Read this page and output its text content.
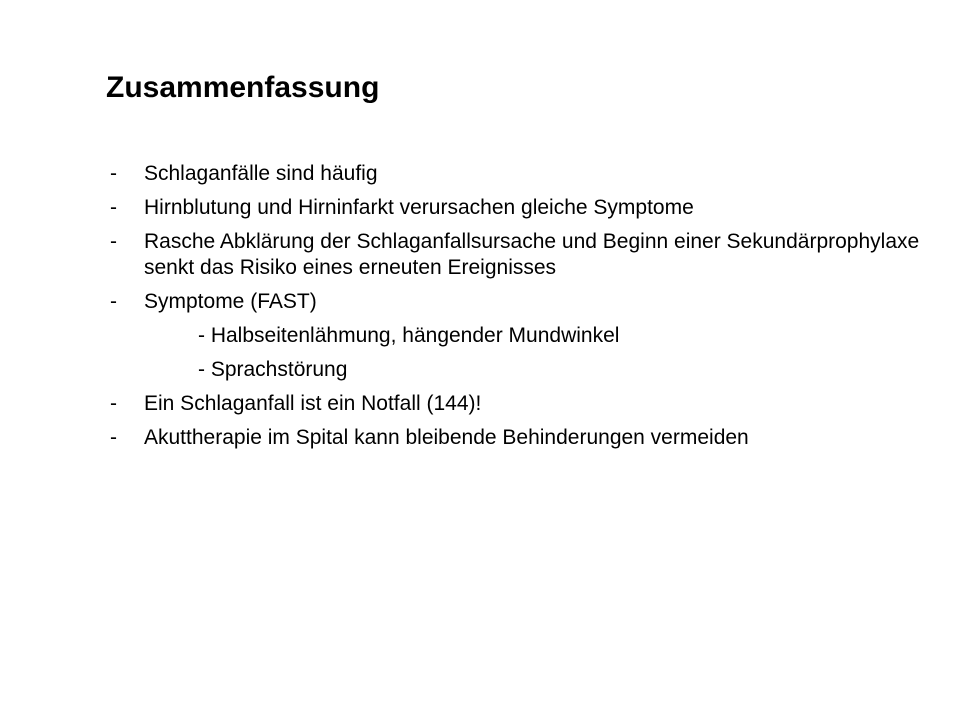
Zusammenfassung
-	Schlaganfälle sind häufig
-	Hirnblutung und Hirninfarkt verursachen gleiche Symptome
-	Rasche Abklärung der Schlaganfallsursache und Beginn einer Sekundärprophylaxe senkt das Risiko eines erneuten Ereignisses
-	Symptome (FAST)
- Halbseitenlähmung, hängender Mundwinkel
- Sprachstörung
-	Ein Schlaganfall ist ein Notfall (144)!
-	Akuttherapie im Spital kann bleibende Behinderungen vermeiden
